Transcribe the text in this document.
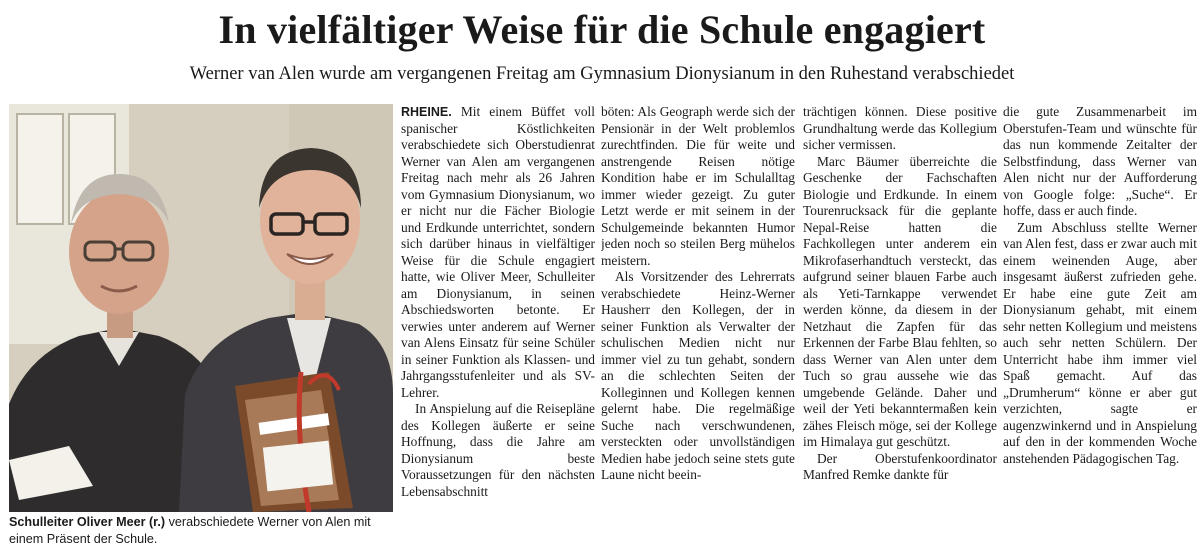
In vielfältiger Weise für die Schule engagiert

Werner van Alen wurde am vergangenen Freitag am Gymnasium Dionysianum in den Ruhestand verabschiedet

Schulleiter Oliver Meer (r.) verabschiedete Werner von Alen mit einem Präsent der Schule.

RHEINE. Mit einem Büffet voll spanischer Köstlichkeiten verabschiedete sich Oberstudienrat Werner van Alen am vergangenen Freitag nach mehr als 26 Jahren vom Gymnasium Dionysianum, wo er nicht nur die Fächer Biologie und Erdkunde unterrichtet, sondern sich darüber hinaus in vielfältiger Weise für die Schule engagiert hatte, wie Oliver Meer, Schulleiter am Dionysianum, in seinen Abschiedsworten betonte. Er verwies unter anderem auf Werner van Alens Einsatz für seine Schüler in seiner Funktion als Klassen- und Jahrgangsstufenleiter und als SV-Lehrer.

In Anspielung auf die Reisepläne des Kollegen äußerte er seine Hoffnung, dass die Jahre am Dionysianum beste Voraussetzungen für den nächsten Lebensabschnitt

böten: Als Geograph werde sich der Pensionär in der Welt problemlos zurechtfinden. Die für weite und anstrengende Reisen nötige Kondition habe er im Schulalltag immer wieder gezeigt. Zu guter Letzt werde er mit seinem in der Schulgemeinde bekannten Humor jeden noch so steilen Berg mühelos meistern.

Als Vorsitzender des Lehrerrats verabschiedete Heinz-Werner Hausherr den Kollegen, der in seiner Funktion als Verwalter der schulischen Medien nicht nur immer viel zu tun gehabt, sondern an die schlechten Seiten der Kolleginnen und Kollegen kennen gelernt habe. Die regelmäßige Suche nach verschwundenen, versteckten oder unvollständigen Medien habe jedoch seine stets gute Laune nicht beein-

trächtigen können. Diese positive Grundhaltung werde das Kollegium sicher vermissen.

Marc Bäumer überreichte die Geschenke der Fachschaften Biologie und Erdkunde. In einem Tourenrucksack für die geplante Nepal-Reise hatten die Fachkollegen unter anderem ein Mikrofaserhandtuch versteckt, das aufgrund seiner blauen Farbe auch als Yeti-Tarnkappe verwendet werden könne, da diesem in der Netzhaut die Zapfen für das Erkennen der Farbe Blau fehlten, so dass Werner van Alen unter dem Tuch so grau aussehe wie das umgebende Gelände. Daher und weil der Yeti bekanntermaßen kein zähes Fleisch möge, sei der Kollege im Himalaya gut geschützt.

Der Oberstufenkoordinator Manfred Remke dankte für

die gute Zusammenarbeit im Oberstufen-Team und wünschte für das nun kommende Zeitalter der Selbstfindung, dass Werner van Alen nicht nur der Aufforderung von Google folge: „Suche“. Er hoffe, dass er auch finde.

Zum Abschluss stellte Werner van Alen fest, dass er zwar auch mit einem weinenden Auge, aber insgesamt äußerst zufrieden gehe. Er habe eine gute Zeit am Dionysianum gehabt, mit einem sehr netten Kollegium und meistens auch sehr netten Schülern. Der Unterricht habe ihm immer viel Spaß gemacht. Auf das „Drumherum“ könne er aber gut verzichten, sagte er augenzwinkernd und in Anspielung auf den in der kommenden Woche anstehenden Pädagogischen Tag.
